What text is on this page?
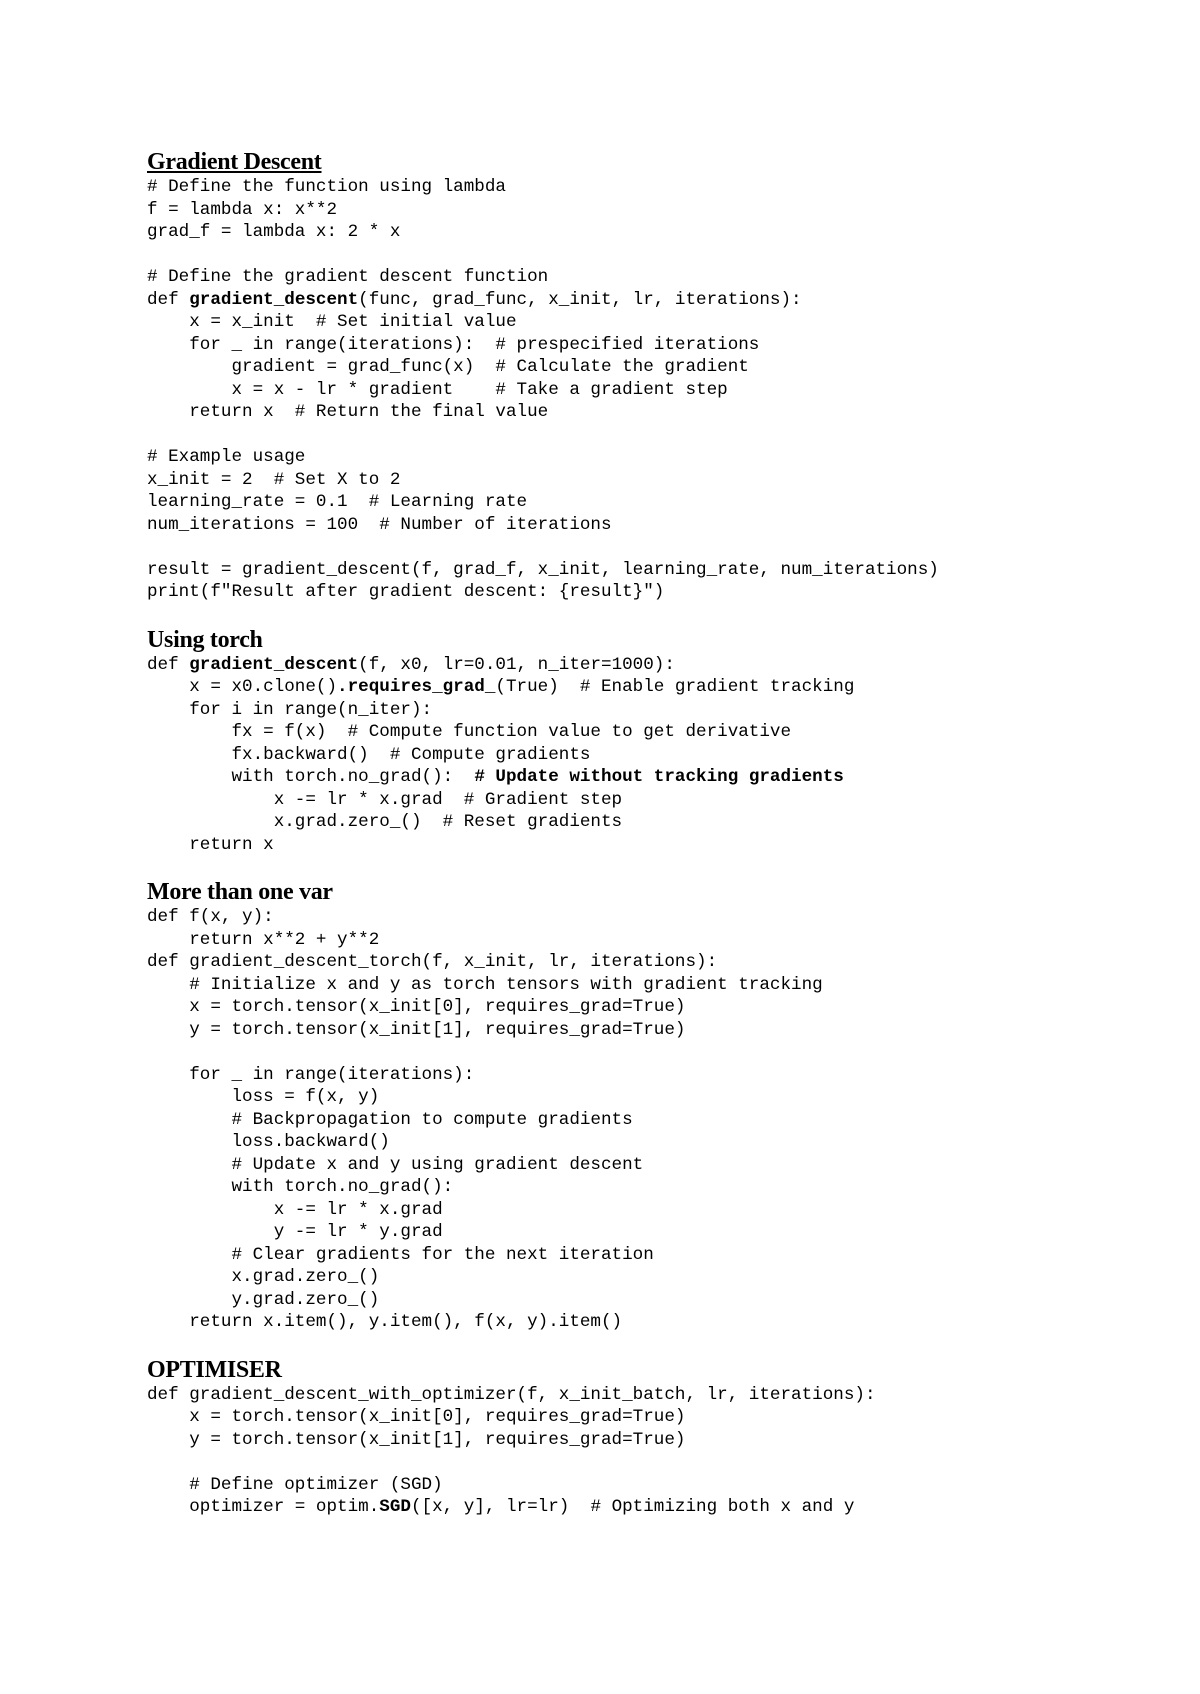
Gradient Descent
# Define the function using lambda
f = lambda x: x**2
grad_f = lambda x: 2 * x
# Define the gradient descent function
def gradient_descent(func, grad_func, x_init, lr, iterations):
x = x_init  # Set initial value
for _ in range(iterations):  # prespecified iterations
gradient = grad_func(x)  # Calculate the gradient
x = x - lr * gradient    # Take a gradient step
return x  # Return the final value
# Example usage
x_init = 2  # Set X to 2
learning_rate = 0.1  # Learning rate
num_iterations = 100  # Number of iterations
result = gradient_descent(f, grad_f, x_init, learning_rate, num_iterations)
print(f"Result after gradient descent: {result}")
Using torch
def gradient_descent(f, x0, lr=0.01, n_iter=1000):
x = x0.clone().requires_grad_(True)  # Enable gradient tracking
for i in range(n_iter):
fx = f(x)  # Compute function value to get derivative
fx.backward()  # Compute gradients
with torch.no_grad():  # Update without tracking gradients
x -= lr * x.grad  # Gradient step
x.grad.zero_()  # Reset gradients
return x
More than one var
def f(x, y):
return x**2 + y**2
def gradient_descent_torch(f, x_init, lr, iterations):
# Initialize x and y as torch tensors with gradient tracking
x = torch.tensor(x_init[0], requires_grad=True)
y = torch.tensor(x_init[1], requires_grad=True)
for _ in range(iterations):
loss = f(x, y)
# Backpropagation to compute gradients
loss.backward()
# Update x and y using gradient descent
with torch.no_grad():
x -= lr * x.grad
y -= lr * y.grad
# Clear gradients for the next iteration
x.grad.zero_()
y.grad.zero_()
return x.item(), y.item(), f(x, y).item()
OPTIMISER
def gradient_descent_with_optimizer(f, x_init_batch, lr, iterations):
x = torch.tensor(x_init[0], requires_grad=True)
y = torch.tensor(x_init[1], requires_grad=True)
# Define optimizer (SGD)
optimizer = optim.SGD([x, y], lr=lr)  # Optimizing both x and y
